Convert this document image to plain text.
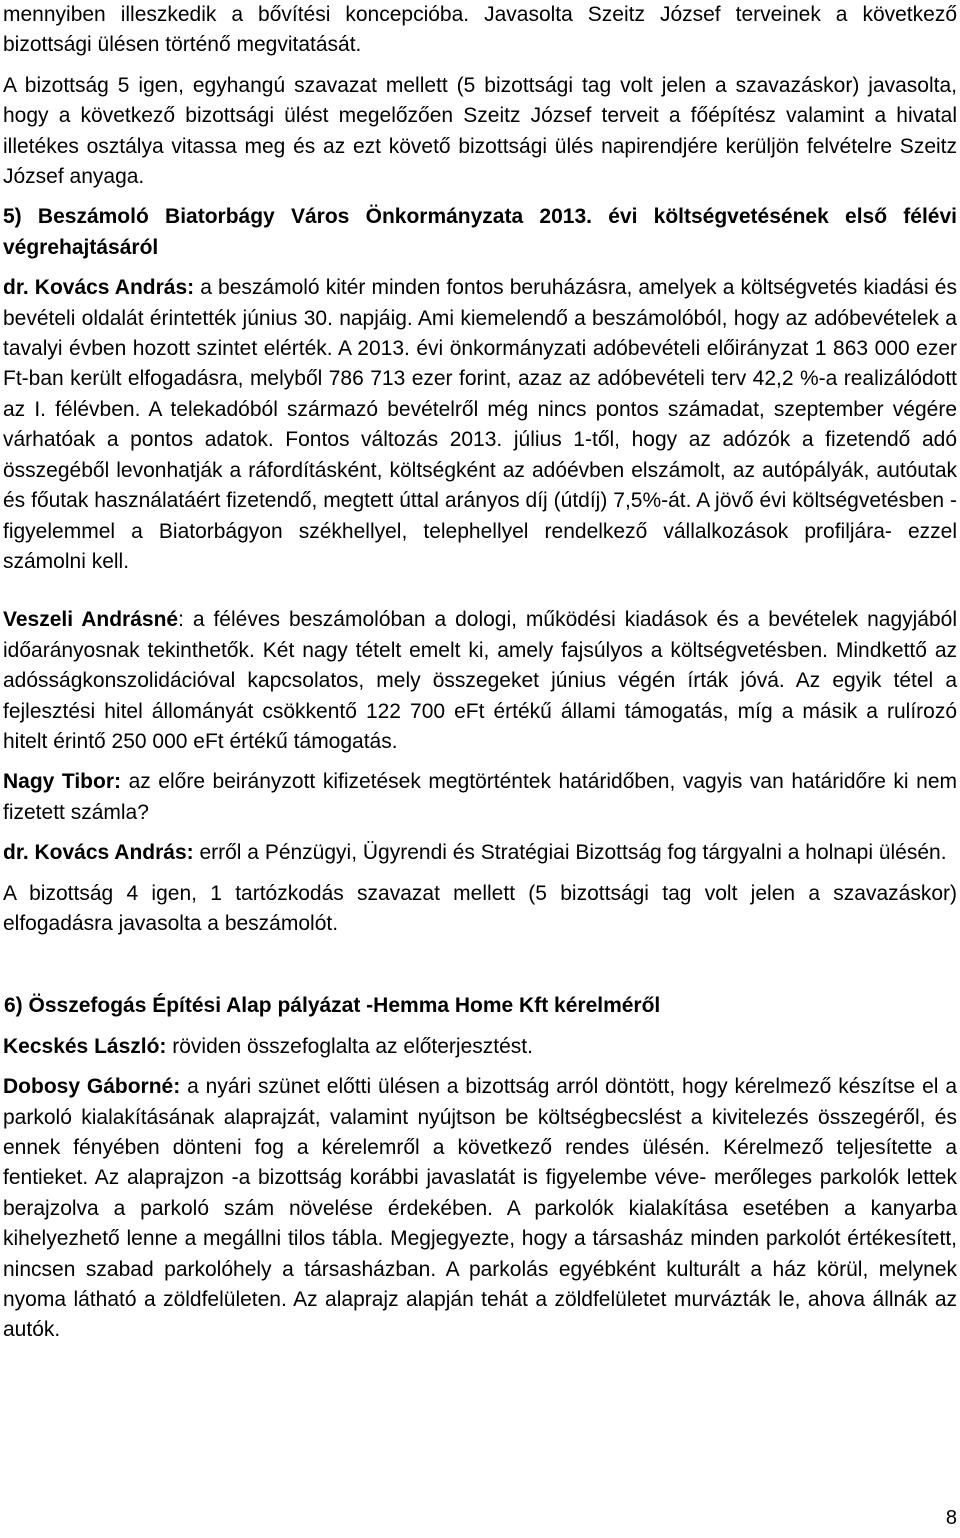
mennyiben illeszkedik a bővítési koncepcióba. Javasolta Szeitz József terveinek a következő bizottsági ülésen történő megvitatását.

A bizottság 5 igen, egyhangú szavazat mellett (5 bizottsági tag volt jelen a szavazáskor) javasolta, hogy a következő bizottsági ülést megelőzően Szeitz József terveit a főépítész valamint a hivatal illetékes osztálya vitassa meg és az ezt követő bizottsági ülés napirendjére kerüljön felvételre Szeitz József anyaga.

5) Beszámoló Biatorbágy Város Önkormányzata 2013. évi költségvetésének első félévi végrehajtásáról

dr. Kovács András: a beszámoló kitér minden fontos beruházásra, amelyek a költségvetés kiadási és bevételi oldalát érintették június 30. napjáig. Ami kiemelendő a beszámolóból, hogy az adóbevételek a tavalyi évben hozott szintet elérték. A 2013. évi önkormányzati adóbevételi előirányzat 1 863 000 ezer Ft-ban került elfogadásra, melyből 786 713 ezer forint, azaz az adóbevételi terv 42,2 %-a realizálódott az I. félévben. A telekadóból származó bevételről még nincs pontos számadat, szeptember végére várhatóak a pontos adatok. Fontos változás 2013. július 1-től, hogy az adózók a fizetendő adó összegéből levonhatják a ráfordításként, költségként az adóévben elszámolt, az autópályák, autóutak és főutak használatáért fizetendő, megtett úttal arányos díj (útdíj) 7,5%-át. A jövő évi költségvetésben - figyelemmel a Biatorbágyon székhellyel, telephellyel rendelkező vállalkozások profiljára- ezzel számolni kell.

Veszeli Andrásné: a féléves beszámolóban a dologi, működési kiadások és a bevételek nagyjából időarányosnak tekinthetők. Két nagy tételt emelt ki, amely fajsúlyos a költségvetésben. Mindkettő az adósságkonszolidációval kapcsolatos, mely összegeket június végén írták jóvá. Az egyik tétel a fejlesztési hitel állományát csökkentő 122 700 eFt értékű állami támogatás, míg a másik a rulírozó hitelt érintő 250 000 eFt értékű támogatás.

Nagy Tibor: az előre beirányzott kifizetések megtörténtek határidőben, vagyis van határidőre ki nem fizetett számla?

dr. Kovács András: erről a Pénzügyi, Ügyrendi és Stratégiai Bizottság fog tárgyalni a holnapi ülésén.

A bizottság 4 igen, 1 tartózkodás szavazat mellett (5 bizottsági tag volt jelen a szavazáskor) elfogadásra javasolta a beszámolót.

6) Összefogás Építési Alap pályázat -Hemma Home Kft kérelméről

Kecskés László: röviden összefoglalta az előterjesztést.

Dobosy Gáborné: a nyári szünet előtti ülésen a bizottság arról döntött, hogy kérelmező készítse el a parkoló kialakításának alaprajzát, valamint nyújtson be költségbecslést a kivitelezés összegéről, és ennek fényében dönteni fog a kérelemről a következő rendes ülésén. Kérelmező teljesítette a fentieket. Az alaprajzon -a bizottság korábbi javaslatát is figyelembe véve- merőleges parkolók lettek berajzolva a parkoló szám növelése érdekében. A parkolók kialakítása esetében a kanyarba kihelyezhető lenne a megállni tilos tábla. Megjegyezte, hogy a társasház minden parkolót értékesített, nincsen szabad parkolóhely a társasházban. A parkolás egyébként kulturált a ház körül, melynek nyoma látható a zöldfelületen. Az alaprajz alapján tehát a zöldfelületet murvázták le, ahova állnák az autók.

8
